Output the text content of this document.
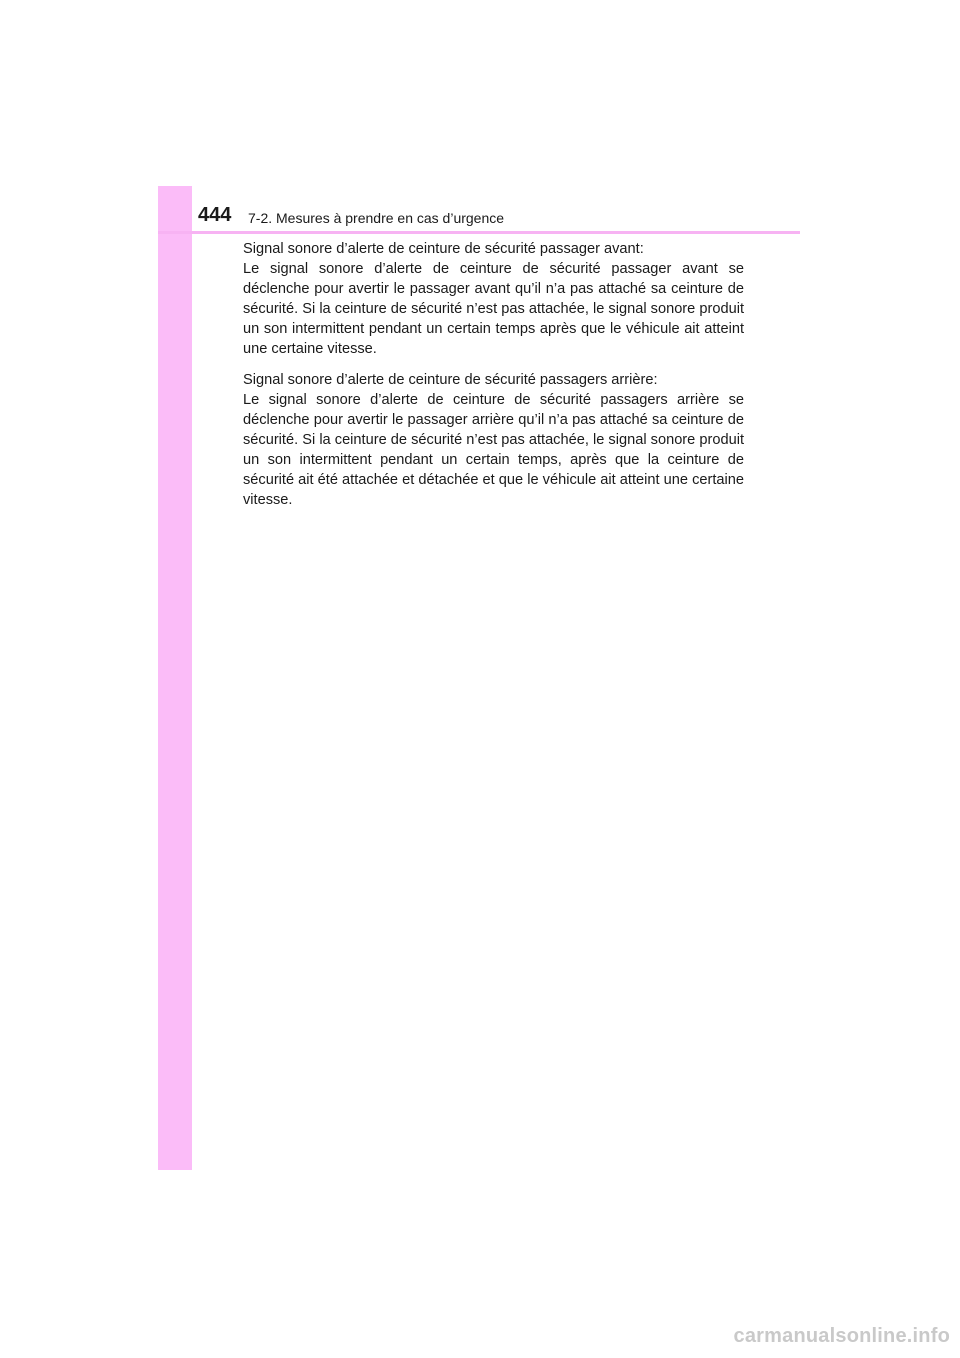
444 7-2. Mesures à prendre en cas d’urgence

Signal sonore d’alerte de ceinture de sécurité passager avant:

Le signal sonore d’alerte de ceinture de sécurité passager avant se déclenche pour avertir le passager avant qu’il n’a pas attaché sa ceinture de sécurité. Si la ceinture de sécurité n’est pas attachée, le signal sonore produit un son intermittent pendant un certain temps après que le véhicule ait atteint une certaine vitesse.

Signal sonore d’alerte de ceinture de sécurité passagers arrière:

Le signal sonore d’alerte de ceinture de sécurité passagers arrière se déclenche pour avertir le passager arrière qu’il n’a pas attaché sa ceinture de sécurité. Si la ceinture de sécurité n’est pas attachée, le signal sonore produit un son intermittent pendant un certain temps, après que la ceinture de sécurité ait été attachée et détachée et que le véhicule ait atteint une certaine vitesse.

carmanualsonline.info
